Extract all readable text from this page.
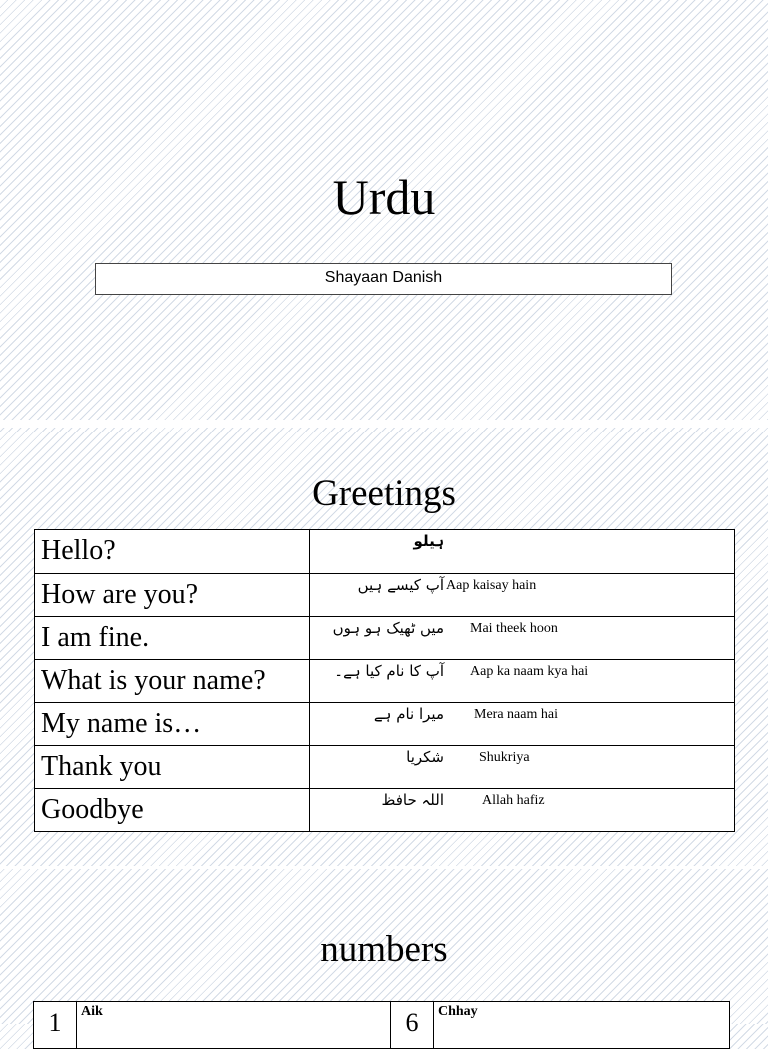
Urdu
Shayaan Danish
Greetings
Hello?	ہیلو

How are you?	آپ کیسے ہیں Aap kaisay hain

I am fine.	میں ٹھیک ہو ہوں Mai theek hoon

What is your name?	آپ کا نام کیا ہے۔ Aap ka naam kya hai

My name is…	میرا نام ہے Mera naam hai

Thank you	شکریا Shukriya

Goodbye	اللہ حافظ Allah hafiz
numbers
1	Aik	6	Chhay
